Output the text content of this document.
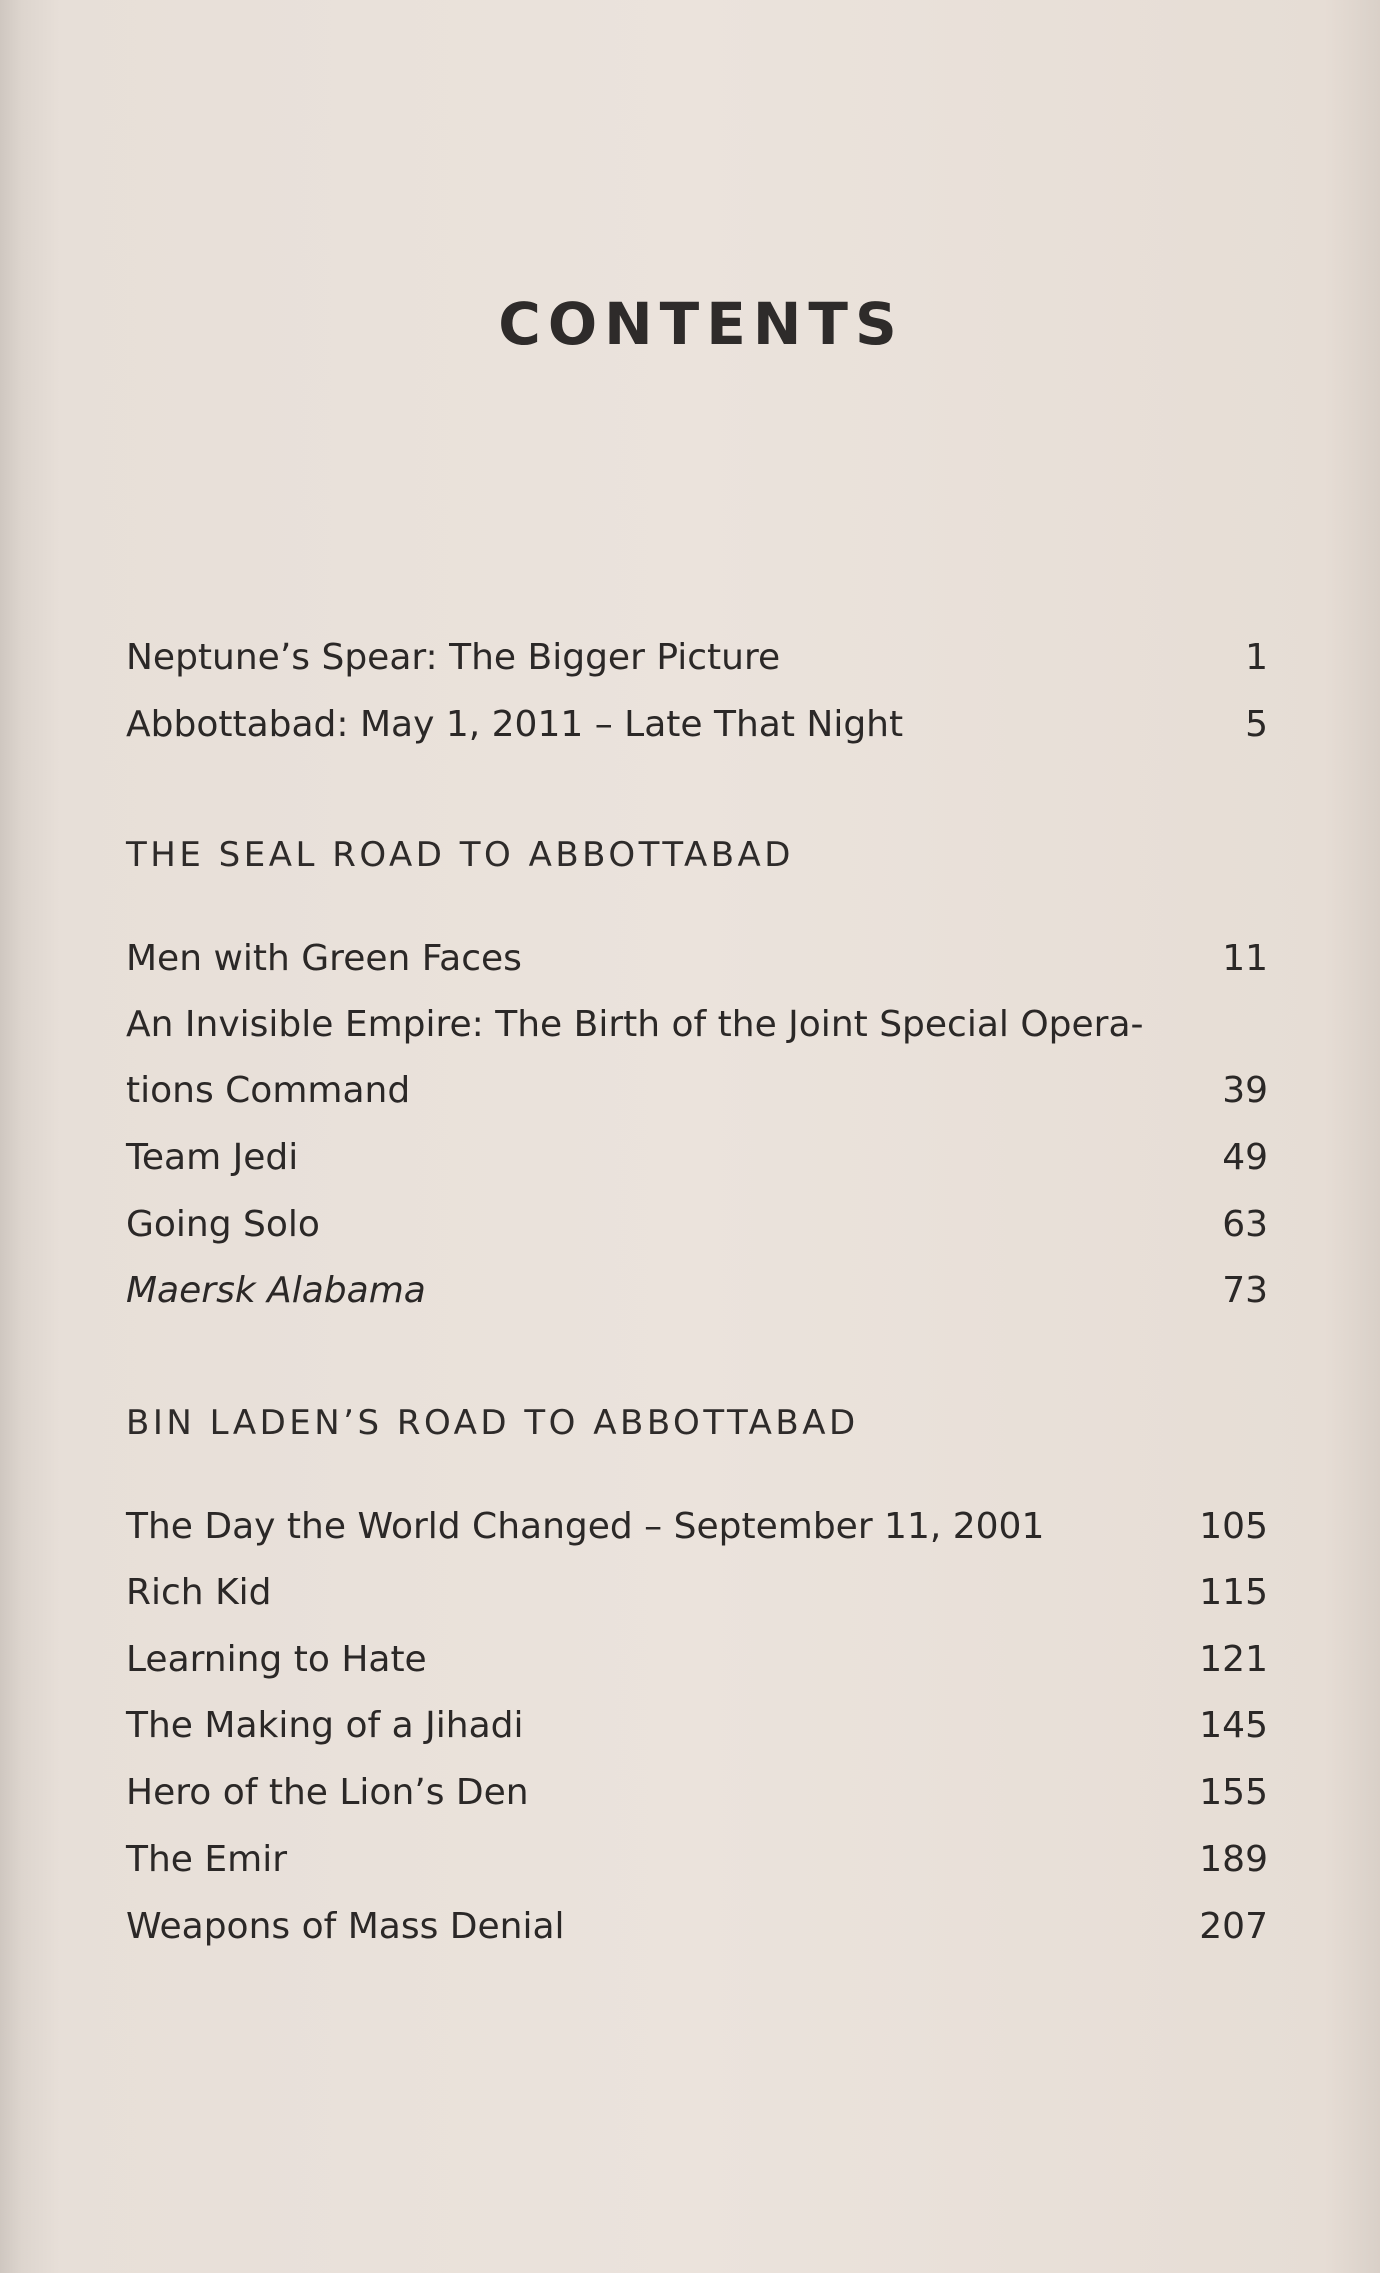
CONTENTS
Neptune’s Spear: The Bigger Picture	1
Abbottabad: May 1, 2011 – Late That Night	5
THE SEAL ROAD TO ABBOTTABAD
Men with Green Faces	11
An Invisible Empire: The Birth of the Joint Special Opera-
tions Command	39
Team Jedi	49
Going Solo	63
Maersk Alabama	73
BIN LADEN’S ROAD TO ABBOTTABAD
The Day the World Changed – September 11, 2001	105
Rich Kid	115
Learning to Hate	121
The Making of a Jihadi	145
Hero of the Lion’s Den	155
The Emir	189
Weapons of Mass Denial	207
